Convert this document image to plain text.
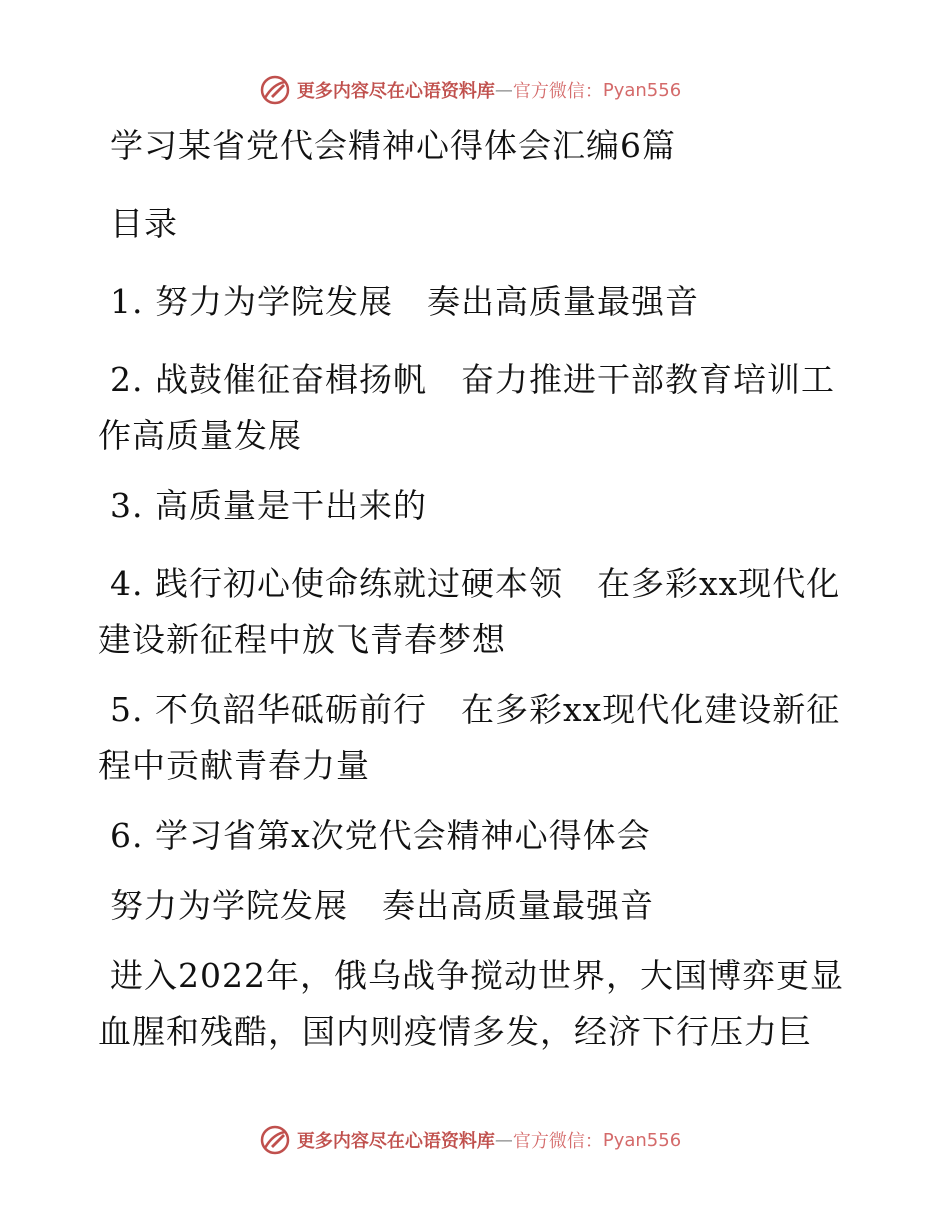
更多内容尽在心语资料库 — 官方微信： Pyan556

学习某省党代会精神心得体会汇编6篇

目录

1. 努力为学院发展　奏出高质量最强音

2. 战鼓催征奋楫扬帆　奋力推进干部教育培训工作高质量发展

3. 高质量是干出来的

4. 践行初心使命练就过硬本领　在多彩xx现代化建设新征程中放飞青春梦想

5. 不负韶华砥砺前行　在多彩xx现代化建设新征程中贡献青春力量

6. 学习省第x次党代会精神心得体会

努力为学院发展　奏出高质量最强音

进入2022年，俄乌战争搅动世界，大国博弈更显血腥和残酷，国内则疫情多发，经济下行压力巨

更多内容尽在心语资料库 — 官方微信： Pyan556
